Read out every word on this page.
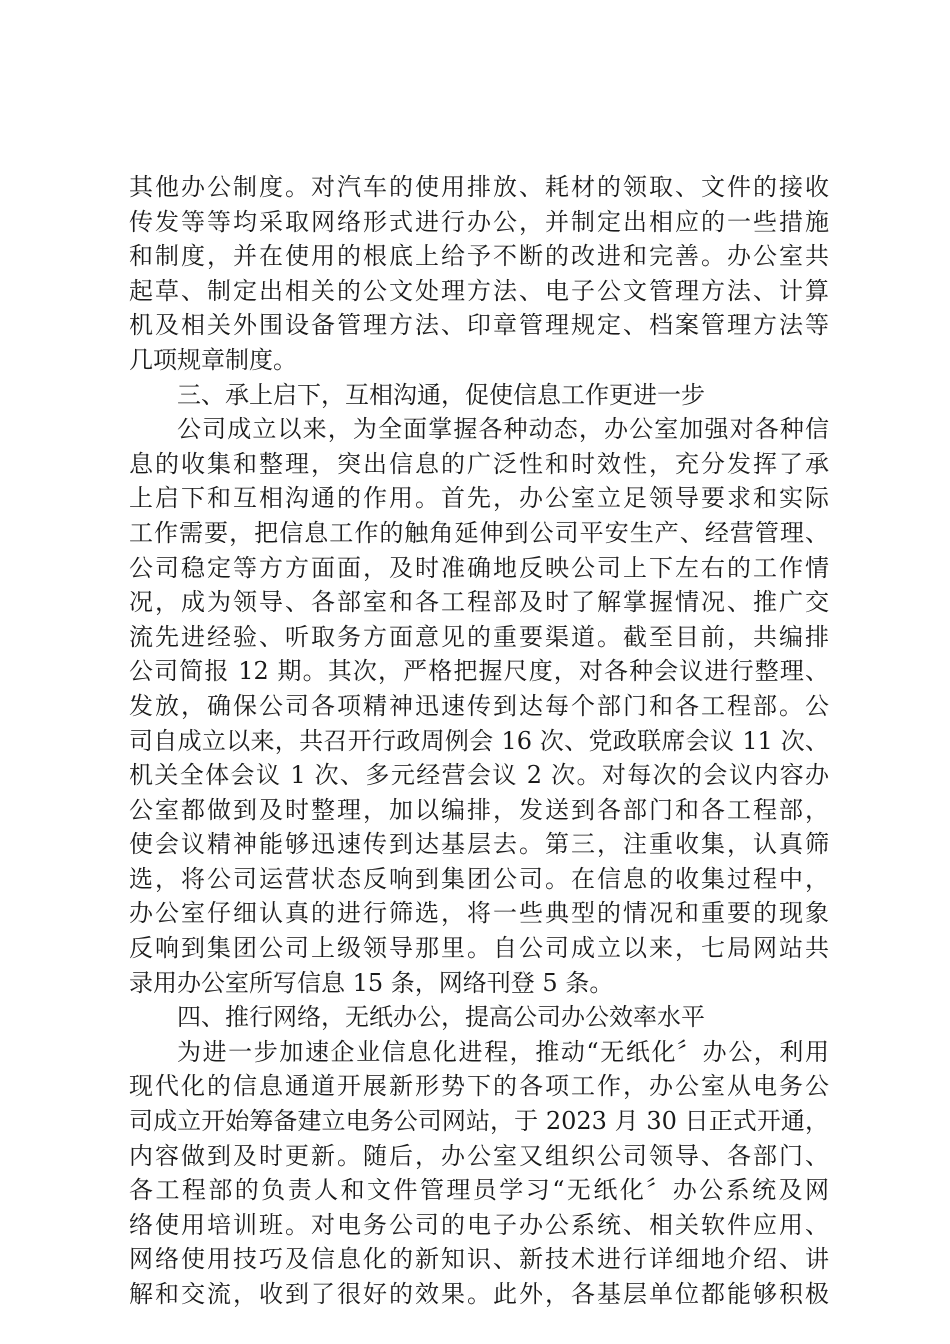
其他办公制度。对汽车的使用排放、耗材的领取、文件的接收
传发等等均采取网络形式进行办公，并制定出相应的一些措施
和制度，并在使用的根底上给予不断的改进和完善。办公室共
起草、制定出相关的公文处理方法、电子公文管理方法、计算
机及相关外围设备管理方法、印章管理规定、档案管理方法等
几项规章制度。
三、承上启下，互相沟通，促使信息工作更进一步
公司成立以来，为全面掌握各种动态，办公室加强对各种信
息的收集和整理，突出信息的广泛性和时效性，充分发挥了承
上启下和互相沟通的作用。首先，办公室立足领导要求和实际
工作需要，把信息工作的触角延伸到公司平安生产、经营管理、
公司稳定等方方面面，及时准确地反映公司上下左右的工作情
况，成为领导、各部室和各工程部及时了解掌握情况、推广交
流先进经验、听取务方面意见的重要渠道。截至目前，共编排
公司简报 12 期。其次，严格把握尺度，对各种会议进行整理、
发放，确保公司各项精神迅速传到达每个部门和各工程部。公
司自成立以来，共召开行政周例会 16 次、党政联席会议 11 次、
机关全体会议 1 次、多元经营会议 2 次。对每次的会议内容办
公室都做到及时整理，加以编排，发送到各部门和各工程部，
使会议精神能够迅速传到达基层去。第三，注重收集，认真筛
选，将公司运营状态反响到集团公司。在信息的收集过程中，
办公室仔细认真的进行筛选，将一些典型的情况和重要的现象
反响到集团公司上级领导那里。自公司成立以来，七局网站共
录用办公室所写信息 15 条，网络刊登 5 条。
四、推行网络，无纸办公，提高公司办公效率水平
为进一步加速企业信息化进程，推动“无纸化〞办公，利用
现代化的信息通道开展新形势下的各项工作，办公室从电务公
司成立开始筹备建立电务公司网站，于 2023 月 30 日正式开通，
内容做到及时更新。随后，办公室又组织公司领导、各部门、
各工程部的负责人和文件管理员学习“无纸化〞办公系统及网
络使用培训班。对电务公司的电子办公系统、相关软件应用、
网络使用技巧及信息化的新知识、新技术进行详细地介绍、讲
解和交流，收到了很好的效果。此外，各基层单位都能够积极
